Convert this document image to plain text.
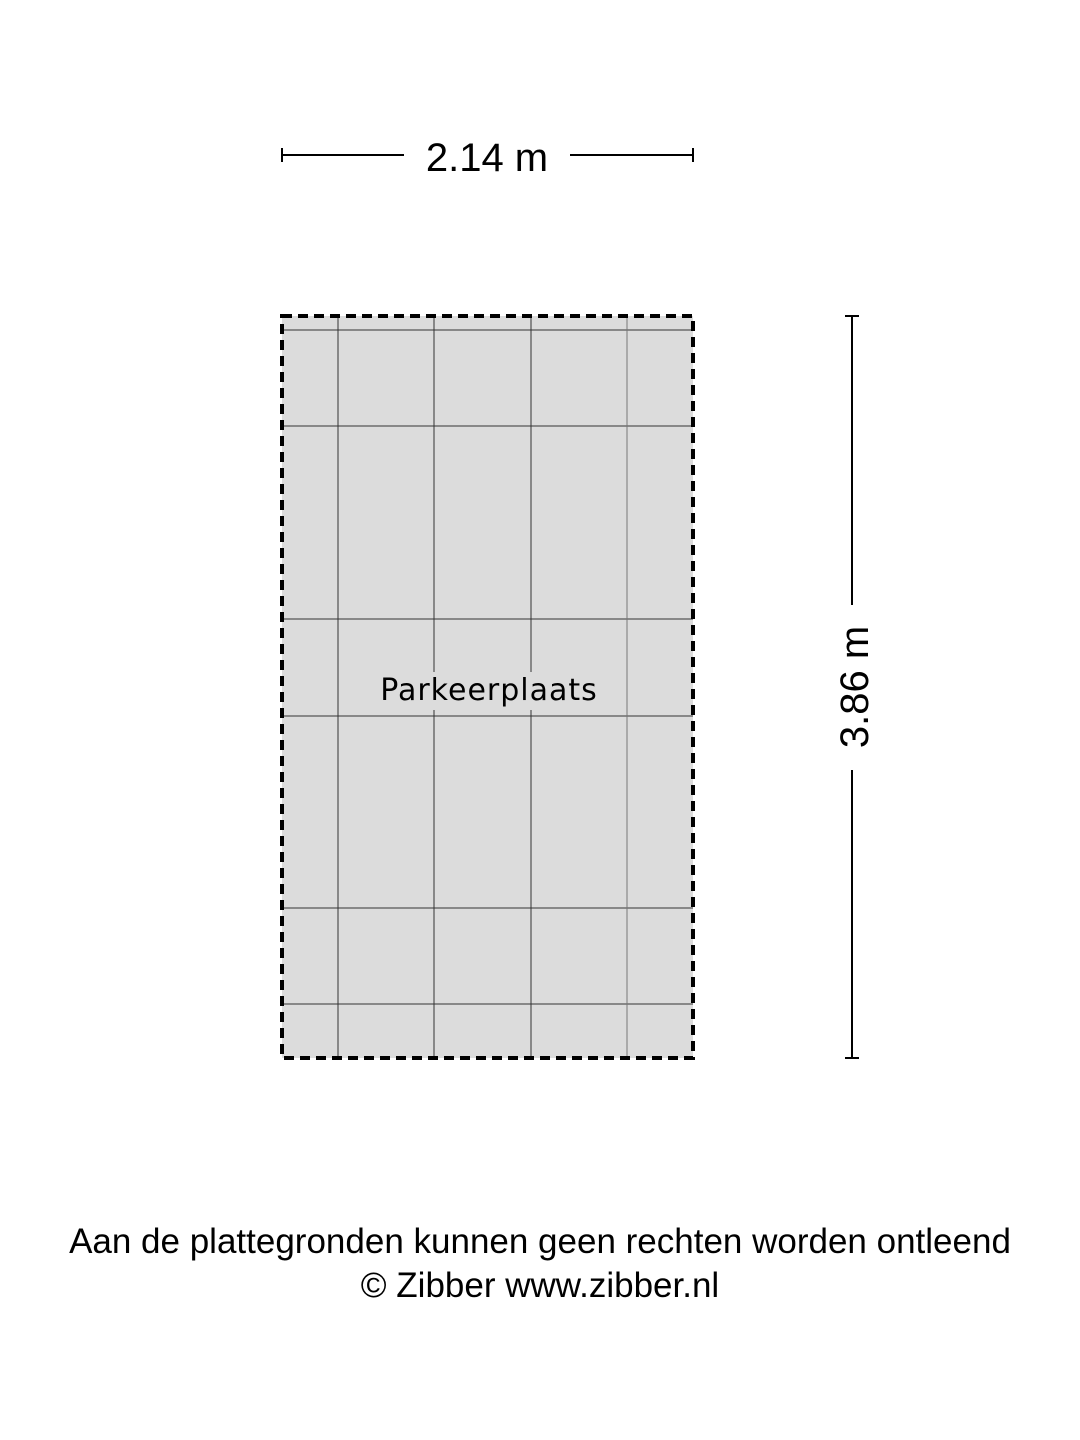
2.14 m
Parkeerplaats	3.86 m
Aan de plattegronden kunnen geen rechten worden ontleend
© Zibber www.zibber.nl
